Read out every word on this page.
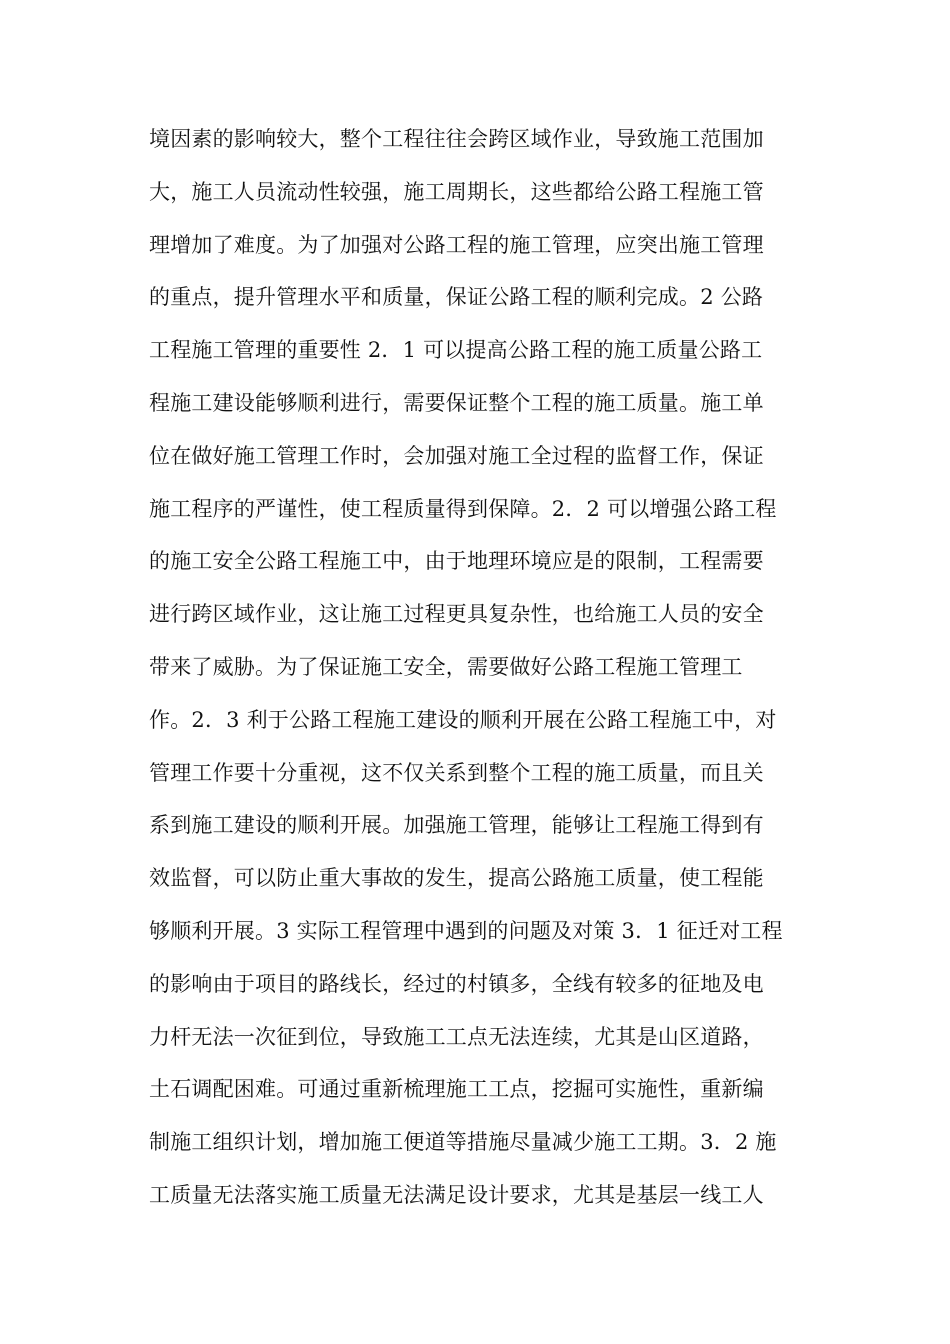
境因素的影响较大，整个工程往往会跨区域作业，导致施工范围加
大，施工人员流动性较强，施工周期长，这些都给公路工程施工管
理增加了难度。为了加强对公路工程的施工管理，应突出施工管理
的重点，提升管理水平和质量，保证公路工程的顺利完成。2 公路
工程施工管理的重要性 2．1 可以提高公路工程的施工质量公路工
程施工建设能够顺利进行，需要保证整个工程的施工质量。施工单
位在做好施工管理工作时，会加强对施工全过程的监督工作，保证
施工程序的严谨性，使工程质量得到保障。2．2 可以增强公路工程
的施工安全公路工程施工中，由于地理环境应是的限制，工程需要
进行跨区域作业，这让施工过程更具复杂性，也给施工人员的安全
带来了威胁。为了保证施工安全，需要做好公路工程施工管理工
作。2．3 利于公路工程施工建设的顺利开展在公路工程施工中，对
管理工作要十分重视，这不仅关系到整个工程的施工质量，而且关
系到施工建设的顺利开展。加强施工管理，能够让工程施工得到有
效监督，可以防止重大事故的发生，提高公路施工质量，使工程能
够顺利开展。3 实际工程管理中遇到的问题及对策 3．1 征迁对工程
的影响由于项目的路线长，经过的村镇多，全线有较多的征地及电
力杆无法一次征到位，导致施工工点无法连续，尤其是山区道路，
土石调配困难。可通过重新梳理施工工点，挖掘可实施性，重新编
制施工组织计划，增加施工便道等措施尽量减少施工工期。3．2 施
工质量无法落实施工质量无法满足设计要求，尤其是基层一线工人
